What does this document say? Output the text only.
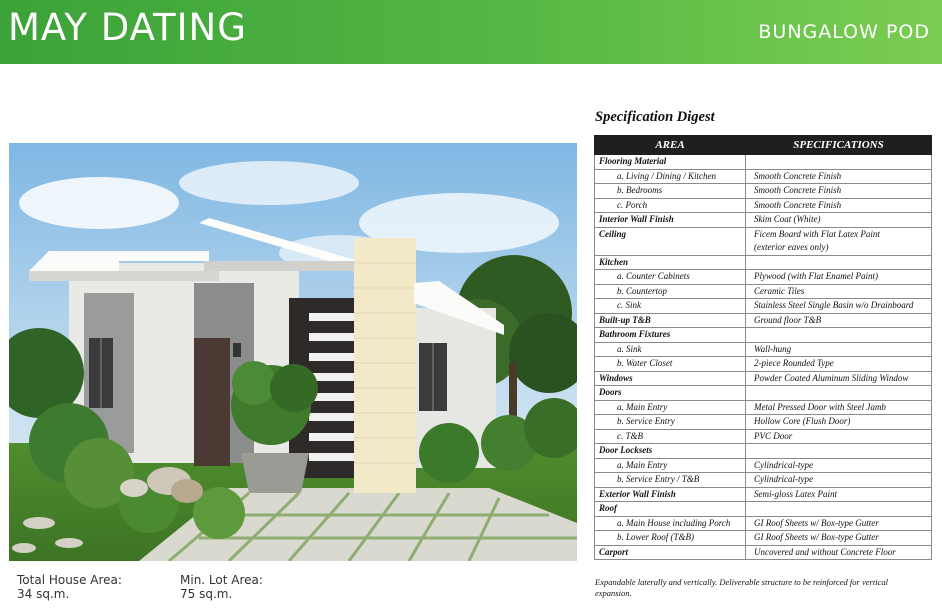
MAY DATING	BUNGALOW POD
Total House Area:
34 sq.m.
Min. Lot Area:
75 sq.m.
Specification Digest
AREA	SPECIFICATIONS
Flooring Material	
a. Living / Dining / Kitchen	Smooth Concrete Finish
b. Bedrooms	Smooth Concrete Finish
c. Porch	Smooth Concrete Finish
Interior Wall Finish	Skim Coat (White)
Ceiling	Ficem Board with Flat Latex Paint
	(exterior eaves only)
Kitchen	
a. Counter Cabinets	Plywood (with Flat Enamel Paint)
b. Countertop	Ceramic Tiles
c. Sink	Stainless Steel Single Basin w/o Drainboard
Built-up T&B	Ground floor T&B
Bathroom Fixtures	
a. Sink	Wall-hung
b. Water Closet	2-piece Rounded Type
Windows	Powder Coated Aluminum Sliding Window
Doors	
a. Main Entry	Metal Pressed Door with Steel Jamb
b. Service Entry	Hollow Core (Flush Door)
c. T&B	PVC Door
Door Locksets	
a. Main Entry	Cylindrical-type
b. Service Entry / T&B	Cylindrical-type
Exterior Wall Finish	Semi-gloss Latex Paint
Roof	
a. Main House including Porch	GI Roof Sheets w/ Box-type Gutter
b. Lower Roof (T&B)	GI Roof Sheets w/ Box-type Gutter
Carport	Uncovered and without Concrete Floor
Expandable laterally and vertically. Deliverable structure to be reinforced for vertical expansion.
